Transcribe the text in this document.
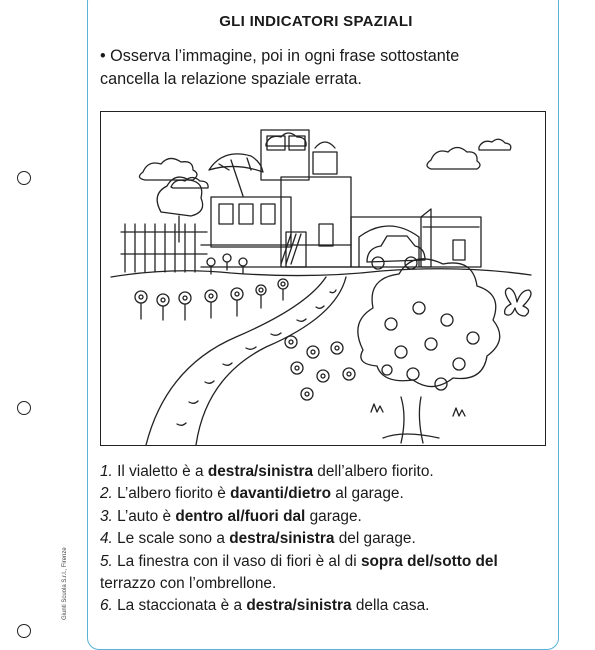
Giunti Scuola S.r.l., Firenze
GLI INDICATORI SPAZIALI
• Osserva l’immagine, poi in ogni frase sottostante
cancella la relazione spaziale errata.
1. Il vialetto è a destra/sinistra dell’albero fiorito.
2. L’albero fiorito è davanti/dietro al garage.
3. L’auto è dentro al/fuori dal garage.
4. Le scale sono a destra/sinistra del garage.
5. La finestra con il vaso di fiori è al di sopra del/sotto del
terrazzo con l’ombrellone.
6. La staccionata è a destra/sinistra della casa.
